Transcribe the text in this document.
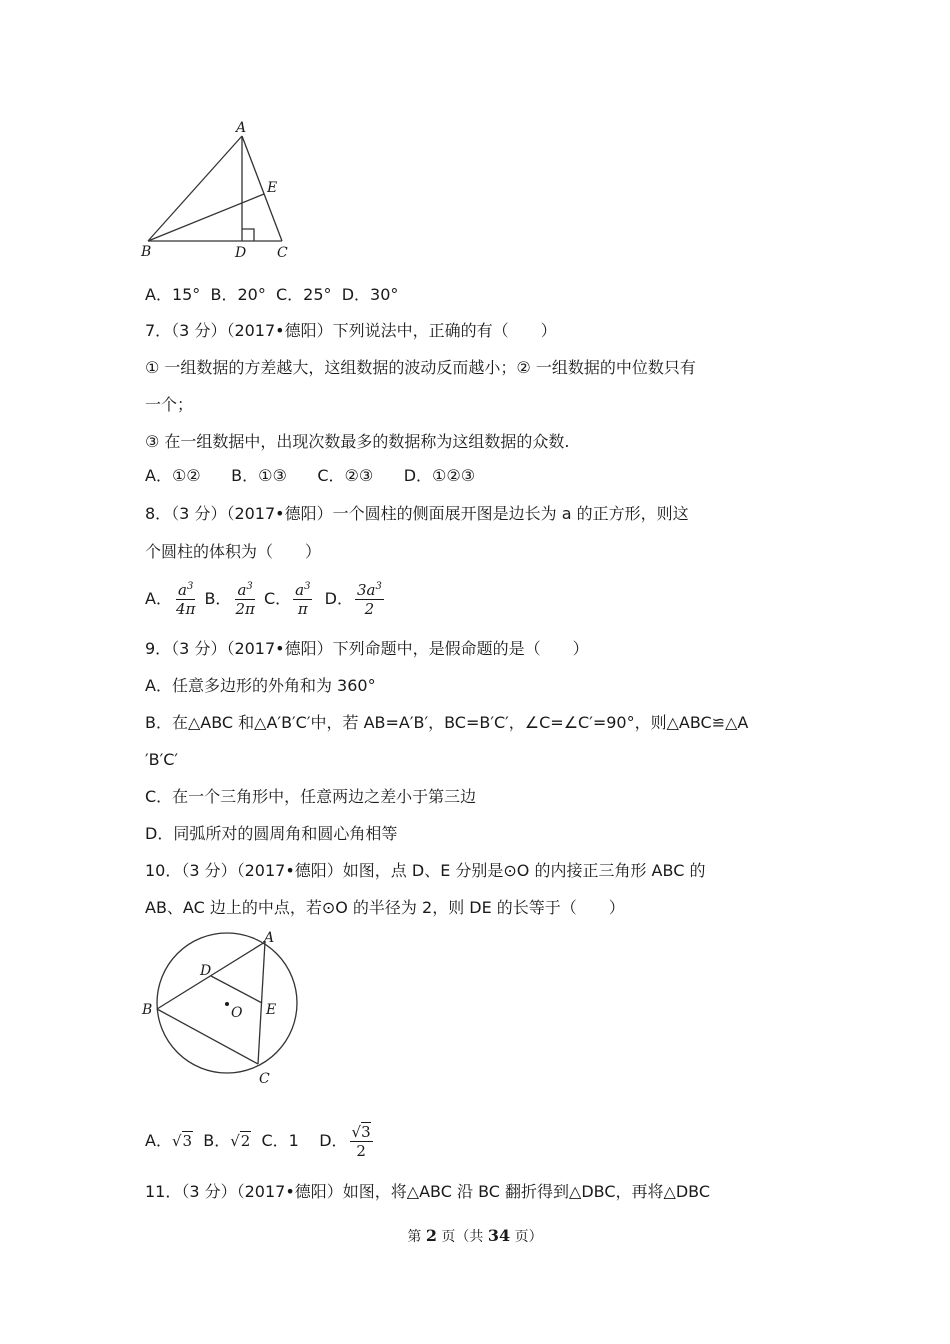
A
E
B	D C
A．15° B．20° C．25° D．30°
7．（3 分）（2017•德阳）下列说法中，正确的有（　　）
① 一组数据的方差越大，这组数据的波动反而越小；② 一组数据的中位数只有
一个；
③ 在一组数据中，出现次数最多的数据称为这组数据的众数.
A．①② B．①③ C．②③ D．①②③
8．（3 分）（2017•德阳）一个圆柱的侧面展开图是边长为 a 的正方形，则这
个圆柱的体积为（　　）
A． $\frac{a^3}{4\pi}$ B． $\frac{a^3}{2\pi}$ C． $\frac{a^3}{\pi}$ D． $\frac{3a^3}{2}$
9．（3 分）（2017•德阳）下列命题中，是假命题的是（　　）
A．任意多边形的外角和为 360°
B．在△ABC 和△A′B′C′中，若 AB=A′B′，BC=B′C′，∠C=∠C′=90°，则△ABC≌△A
′B′C′
C．在一个三角形中，任意两边之差小于第三边
D．同弧所对的圆周角和圆心角相等
10．（3 分）（2017•德阳）如图，点 D、E 分别是⊙O 的内接正三角形 ABC 的
AB、AC 边上的中点，若⊙O 的半径为 2，则 DE 的长等于（　　）
A
D
B	O E
C
A．√3 B．√2 C．1 D． $\frac{√3}{2}$
11．（3 分）（2017•德阳）如图，将△ABC 沿 BC 翻折得到△DBC，再将△DBC
第 2 页（共 34 页）
